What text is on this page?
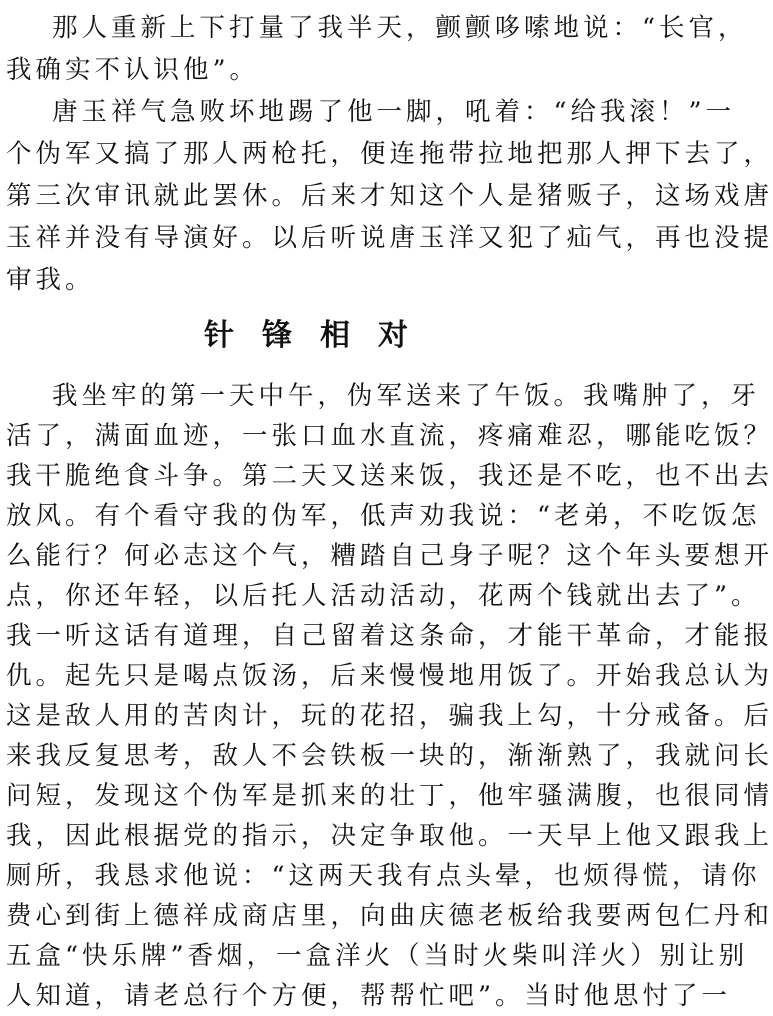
那人重新上下打量了我半天，颤颤哆嗦地说：“长官，
我确实不认识他”。
唐玉祥气急败坏地踢了他一脚，吼着：“给我滚！”一
个伪军又搞了那人两枪托，便连拖带拉地把那人押下去了，
第三次审讯就此罢休。后来才知这个人是猪贩子，这场戏唐
玉祥并没有导演好。以后听说唐玉洋又犯了疝气，再也没提
审我。
针锋相对
我坐牢的第一天中午，伪军送来了午饭。我嘴肿了，牙
活了，满面血迹，一张口血水直流，疼痛难忍，哪能吃饭？
我干脆绝食斗争。第二天又送来饭，我还是不吃，也不出去
放风。有个看守我的伪军，低声劝我说：“老弟，不吃饭怎
么能行？何必志这个气，糟踏自己身子呢？这个年头要想开
点，你还年轻，以后托人活动活动，花两个钱就出去了”。
我一听这话有道理，自己留着这条命，才能干革命，才能报
仇。起先只是喝点饭汤，后来慢慢地用饭了。开始我总认为
这是敌人用的苦肉计，玩的花招，骗我上勾，十分戒备。后
来我反复思考，敌人不会铁板一块的，渐渐熟了，我就问长
问短，发现这个伪军是抓来的壮丁，他牢骚满腹，也很同情
我，因此根据党的指示，决定争取他。一天早上他又跟我上
厕所，我恳求他说：“这两天我有点头晕，也烦得慌，请你
费心到街上德祥成商店里，向曲庆德老板给我要两包仁丹和
五盒“快乐牌”香烟，一盒洋火（当时火柴叫洋火）别让别
人知道，请老总行个方便，帮帮忙吧”。当时他思忖了一
